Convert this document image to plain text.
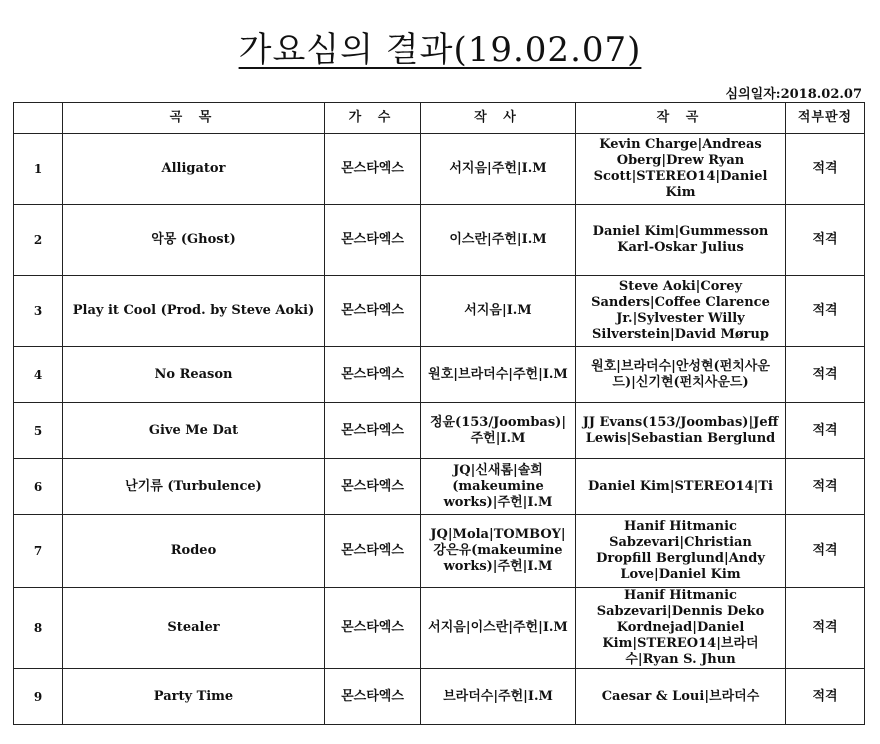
가요심의 결과(19.02.07)
심의일자:2018.02.07
	곡 목	가 수	작 사	작 곡	적부판정
1	Alligator	몬스타엑스	서지음|주헌|I.M	Kevin Charge|Andreas Oberg|Drew Ryan Scott|STEREO14|Daniel Kim	적격
2	악몽 (Ghost)	몬스타엑스	이스란|주헌|I.M	Daniel Kim|Gummesson Karl-Oskar Julius	적격
3	Play it Cool (Prod. by Steve Aoki)	몬스타엑스	서지음|I.M	Steve Aoki|Corey Sanders|Coffee Clarence Jr.|Sylvester Willy Silverstein|David Mørup	적격
4	No Reason	몬스타엑스	원호|브라더수|주헌|I.M	원호|브라더수|안성현(펀치사운드)|신기현(펀치사운드)	적격
5	Give Me Dat	몬스타엑스	정윤(153/Joombas)|주헌|I.M	JJ Evans(153/Joombas)|Jeff Lewis|Sebastian Berglund	적격
6	난기류 (Turbulence)	몬스타엑스	JQ|신새롬|솔희(makeumine works)|주헌|I.M	Daniel Kim|STEREO14|Ti	적격
7	Rodeo	몬스타엑스	JQ|Mola|TOMBOY|강은유(makeumine works)|주헌|I.M	Hanif Hitmanic Sabzevari|Christian Dropfill Berglund|Andy Love|Daniel Kim	적격
8	Stealer	몬스타엑스	서지음|이스란|주헌|I.M	Hanif Hitmanic Sabzevari|Dennis Deko Kordnejad|Daniel Kim|STEREO14|브라더수|Ryan S. Jhun	적격
9	Party Time	몬스타엑스	브라더수|주헌|I.M	Caesar & Loui|브라더수	적격
